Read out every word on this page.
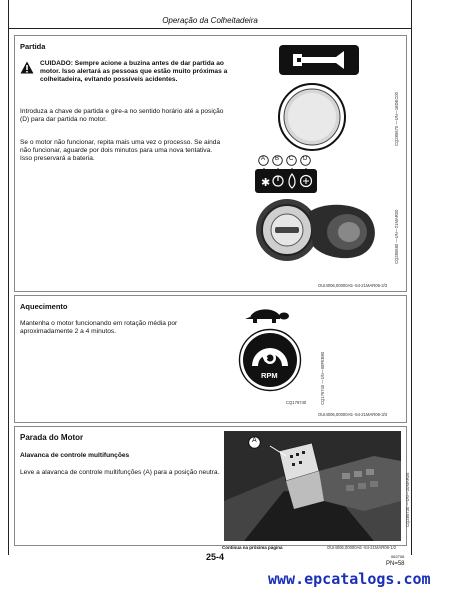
Operação da Colheitadeira
Partida
CUIDADO: Sempre acione a buzina antes de dar partida ao motor. Isso alertará as pessoas que estão muito próximas a colheitadeira, evitando possíveis acidentes.
Introduza a chave de partida e gire-a no sentido horário até a posição (D) para dar partida no motor.
Se o motor não funcionar, repita mais uma vez o processo. Se ainda não funcionar, aguarde por dois minutos para uma nova tentativa. Isso preservará a bateria.
CQ285670 —UN—18DEC00
A B C D
✱
CQ285690 —UN—21MAR00
OUI4006,00000A5 -54-21MAR06-2/3
Aquecimento
Mantenha o motor funcionando em rotação média por aproximadamente 2 a 4 minutos.
RPM	CQ176740 —UN—08FEB90
CQ176740
OUI4006,00000A5 -54-21MAR06-3/3
Parada do Motor
Alavanca de controle multifunções
Leve a alavanca de controle multifunções (A) para a posição neutra.
A
CQ285730 —UN—20MAR06
Continua na próxima página	OUI4006,00000A6 -54-21MAR06-1/2
25-4	062706
PN=58
www.epcatalogs.com
